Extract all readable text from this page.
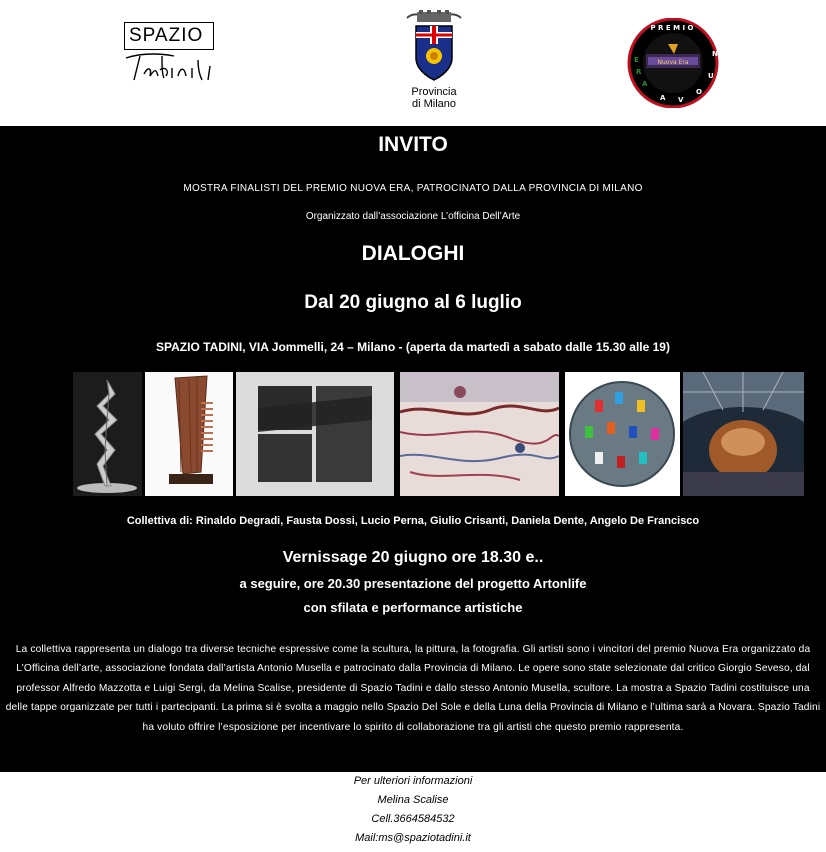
SPAZIO
Provincia
di Milano
Nuova Era
P R E M I O
N
U
O
V
A
E
R
A
INVITO
MOSTRA FINALISTI DEL PREMIO NUOVA ERA, PATROCINATO DALLA PROVINCIA DI MILANO
Organizzato dall’associazione L’officina Dell’Arte
DIALOGHI
Dal 20 giugno al 6 luglio
SPAZIO TADINI, VIA Jommelli, 24 – Milano - (aperta da martedì a sabato dalle 15.30 alle 19)
Collettiva di: Rinaldo Degradi, Fausta Dossi, Lucio Perna, Giulio Crisanti, Daniela Dente, Angelo De Francisco
Vernissage 20 giugno ore 18.30 e..
a seguire, ore 20.30 presentazione del progetto Artonlife
con sfilata e performance artistiche
La collettiva rappresenta un dialogo tra diverse tecniche espressive come la scultura, la pittura, la fotografia. Gli artisti sono i vincitori del premio Nuova Era organizzato da L’Officina dell’arte, associazione fondata dall’artista Antonio Musella e patrocinato dalla Provincia di Milano. Le opere sono state selezionate dal critico Giorgio Seveso, dal professor Alfredo Mazzotta e Luigi Sergi, da Melina Scalise, presidente di Spazio Tadini e dallo stesso Antonio Musella, scultore. La mostra a Spazio Tadini costituisce una delle tappe organizzate per tutti i partecipanti. La prima si è svolta a maggio nello Spazio Del Sole e della Luna della Provincia di Milano e l’ultima sarà a Novara. Spazio Tadini ha voluto offrire l’esposizione per incentivare lo spirito di collaborazione tra gli artisti che questo premio rappresenta.
Per ulteriori informazioni
Melina Scalise
Cell.3664584532
Mail:ms@spaziotadini.it
